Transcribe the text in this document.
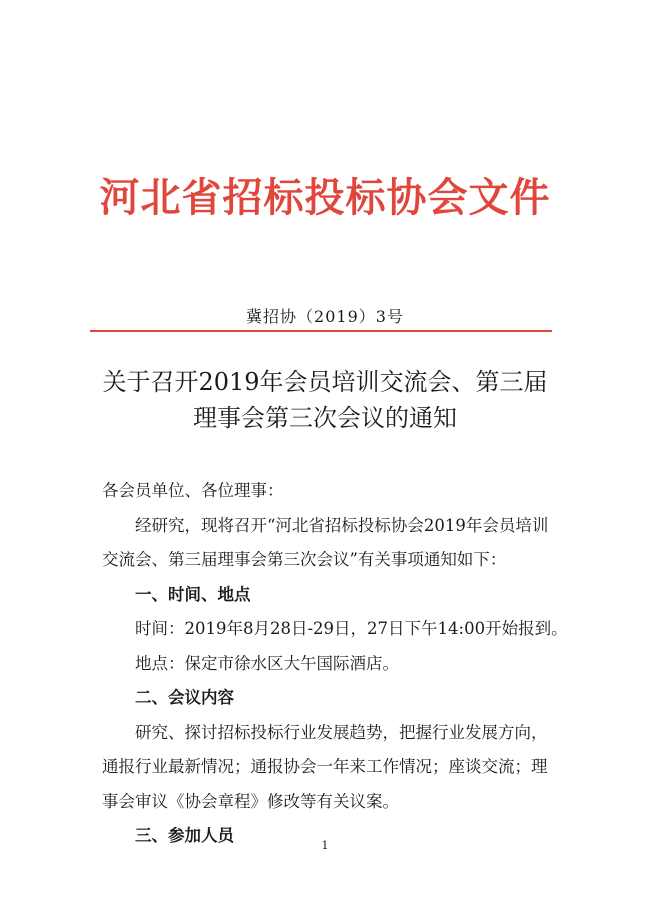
河北省招标投标协会文件
冀招协（2019）3号
关于召开2019年会员培训交流会、第三届
理事会第三次会议的通知

各会员单位、各位理事：

经研究，现将召开“河北省招标投标协会2019年会员培训交流会、第三届理事会第三次会议”有关事项通知如下：

一、时间、地点

时间：2019年8月28日-29日，27日下午14:00开始报到。

地点：保定市徐水区大午国际酒店。

二、会议内容

研究、探讨招标投标行业发展趋势，把握行业发展方向，通报行业最新情况；通报协会一年来工作情况；座谈交流；理事会审议《协会章程》修改等有关议案。

三、参加人员

1
